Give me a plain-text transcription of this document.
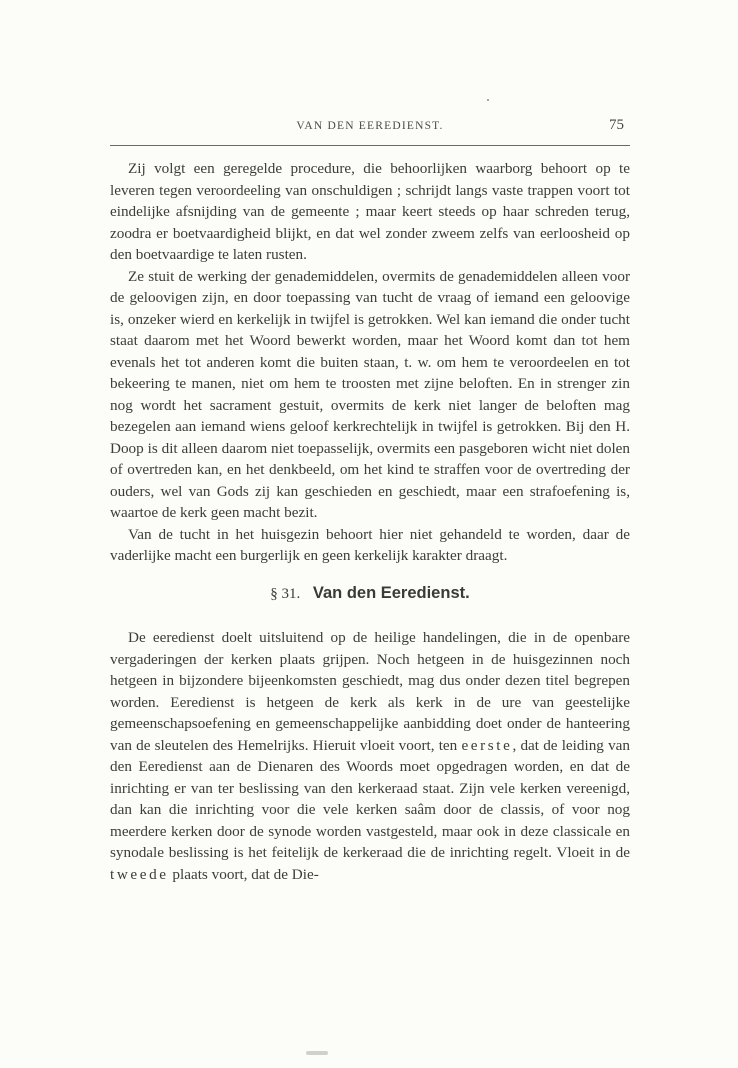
VAN DEN EEREDIENST.	75

Zij volgt een geregelde procedure, die behoorlijken waarborg behoort op te leveren tegen veroordeeling van onschuldigen ; schrijdt langs vaste trappen voort tot eindelijke afsnijding van de gemeente ; maar keert steeds op haar schreden terug, zoodra er boetvaardigheid blijkt, en dat wel zonder zweem zelfs van eerloosheid op den boetvaardige te laten rusten.

Ze stuit de werking der genademiddelen, overmits de genademiddelen alleen voor de geloovigen zijn, en door toepassing van tucht de vraag of iemand een geloovige is, onzeker wierd en kerkelijk in twijfel is getrokken. Wel kan iemand die onder tucht staat daarom met het Woord bewerkt worden, maar het Woord komt dan tot hem evenals het tot anderen komt die buiten staan, t. w. om hem te veroordeelen en tot bekeering te manen, niet om hem te troosten met zijne beloften. En in strenger zin nog wordt het sacrament gestuit, overmits de kerk niet langer de beloften mag bezegelen aan iemand wiens geloof kerkrechtelijk in twijfel is getrokken. Bij den H. Doop is dit alleen daarom niet toepasselijk, overmits een pasgeboren wicht niet dolen of overtreden kan, en het denkbeeld, om het kind te straffen voor de overtreding der ouders, wel van Gods zij kan geschieden en geschiedt, maar een strafoefening is, waartoe de kerk geen macht bezit.

Van de tucht in het huisgezin behoort hier niet gehandeld te worden, daar de vaderlijke macht een burgerlijk en geen kerkelijk karakter draagt.

§ 31. Van den Eeredienst.

De eeredienst doelt uitsluitend op de heilige handelingen, die in de openbare vergaderingen der kerken plaats grijpen. Noch hetgeen in de huisgezinnen noch hetgeen in bijzondere bijeenkomsten geschiedt, mag dus onder dezen titel begrepen worden. Eeredienst is hetgeen de kerk als kerk in de ure van geestelijke gemeenschapsoefening en gemeenschappelijke aanbidding doet onder de hanteering van de sleutelen des Hemelrijks. Hieruit vloeit voort, ten eerste, dat de leiding van den Eeredienst aan de Dienaren des Woords moet opgedragen worden, en dat de inrichting er van ter beslissing van den kerkeraad staat. Zijn vele kerken vereenigd, dan kan die inrichting voor die vele kerken saâm door de classis, of voor nog meerdere kerken door de synode worden vastgesteld, maar ook in deze classicale en synodale beslissing is het feitelijk de kerkeraad die de inrichting regelt. Vloeit in de tweede plaats voort, dat de Die-
